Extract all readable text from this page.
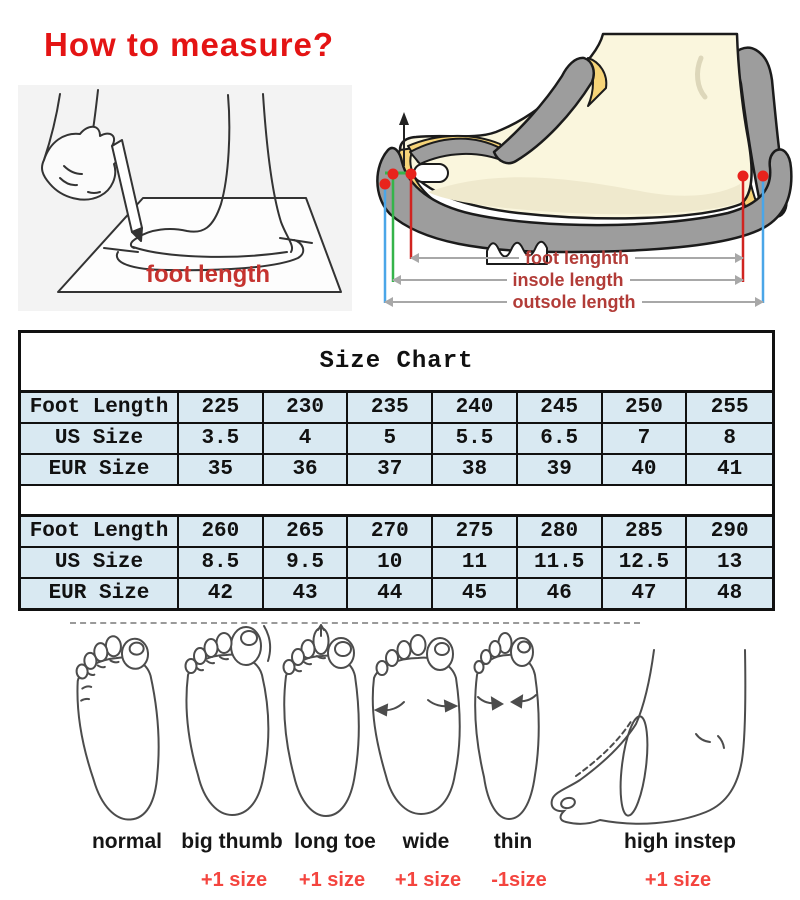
How to measure?
foot length
foot lenghth
insole length
outsole length
Size Chart
Foot Length	225	230	235	240	245	250	255
US Size	3.5	4	5	5.5	6.5	7	8
EUR Size	35	36	37	38	39	40	41
Foot Length	260	265	270	275	280	285	290
US Size	8.5	9.5	10	11	11.5	12.5	13
EUR Size	42	43	44	45	46	47	48
normal big thumb long toe	wide	thin	high instep
+1 size	+1 size	+1 size	-1size	+1 size
